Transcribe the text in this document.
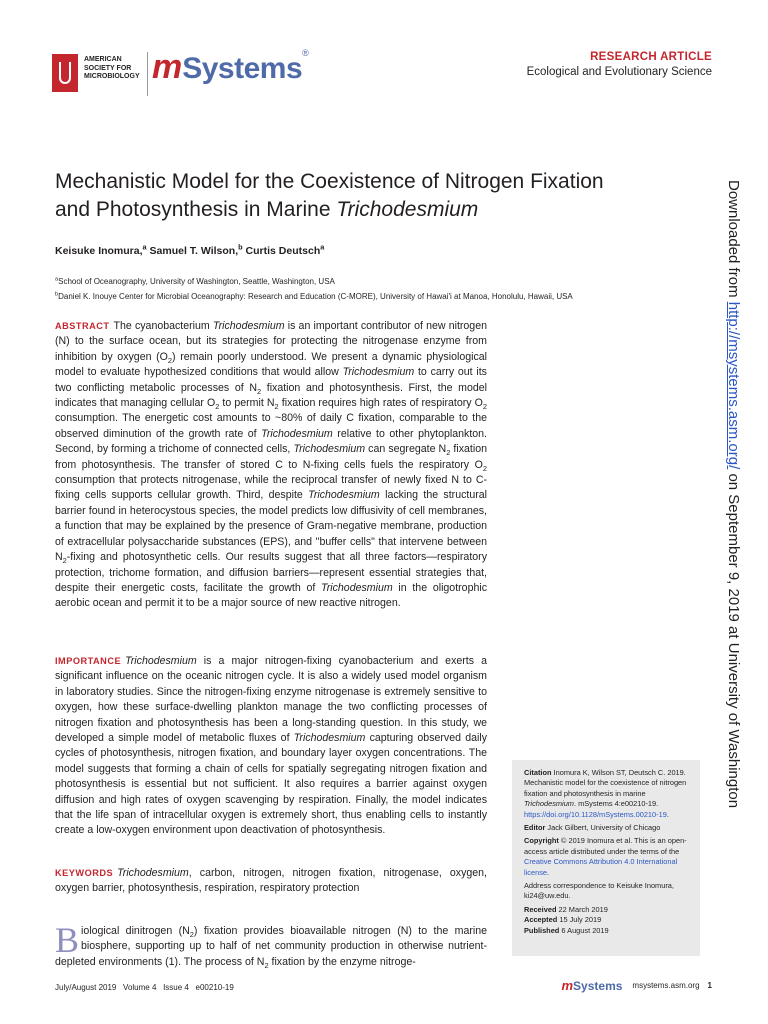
AMERICAN
SOCIETY FOR
MICROBIOLOGY mSystems®	RESEARCH ARTICLE
Ecological and Evolutionary Science
Mechanistic Model for the Coexistence of Nitrogen Fixation
and Photosynthesis in Marine Trichodesmium
Keisuke Inomura,$^a$ Samuel T. Wilson,$^b$ Curtis Deutsch$^a$
$^a$School of Oceanography, University of Washington, Seattle, Washington, USA
$^b$Daniel K. Inouye Center for Microbial Oceanography: Research and Education (C-MORE), University of Hawai'i at Manoa, Honolulu, Hawaii, USA
ABSTRACT The cyanobacterium Trichodesmium is an important contributor of new nitrogen (N) to the surface ocean, but its strategies for protecting the nitrogenase enzyme from inhibition by oxygen $(O_2)$ remain poorly understood. We present a dynamic physiological model to evaluate hypothesized conditions that would allow Trichodesmium to carry out its two conflicting metabolic processes of $N_2$ fixation and photosynthesis. First, the model indicates that managing cellular $O_2$ to permit $N_2$ fixation requires high rates of respiratory $O_2$ consumption. The energetic cost amounts to ~80% of daily C fixation, comparable to the observed diminution of the growth rate of Trichodesmium relative to other phytoplankton. Second, by forming a trichome of connected cells, Trichodesmium can segregate $N_2$ fixation from photosynthesis. The transfer of stored C to N-fixing cells fuels the respiratory $O_2$ consumption that protects nitrogenase, while the reciprocal transfer of newly fixed N to C-fixing cells supports cellular growth. Third, despite Trichodesmium lacking the structural barrier found in heterocystous species, the model predicts low diffusivity of cell membranes, a function that may be explained by the presence of Gram-negative membrane, production of extracellular polysaccharide substances (EPS), and "buffer cells" that intervene between $N_2$-fixing and photosynthetic cells. Our results suggest that all three factors—respiratory protection, trichome formation, and diffusion barriers—represent essential strategies that, despite their energetic costs, facilitate the growth of Trichodesmium in the oligotrophic aerobic ocean and permit it to be a major source of new reactive nitrogen.
IMPORTANCE Trichodesmium is a major nitrogen-fixing cyanobacterium and exerts a significant influence on the oceanic nitrogen cycle. It is also a widely used model organism in laboratory studies. Since the nitrogen-fixing enzyme nitrogenase is extremely sensitive to oxygen, how these surface-dwelling plankton manage the two conflicting processes of nitrogen fixation and photosynthesis has been a long-standing question. In this study, we developed a simple model of metabolic fluxes of Trichodesmium capturing observed daily cycles of photosynthesis, nitrogen fixation, and boundary layer oxygen concentrations. The model suggests that forming a chain of cells for spatially segregating nitrogen fixation and photosynthesis is essential but not sufficient. It also requires a barrier against oxygen diffusion and high rates of oxygen scavenging by respiration. Finally, the model indicates that the life span of intracellular oxygen is extremely short, thus enabling cells to instantly create a low-oxygen environment upon deactivation of photosynthesis.
KEYWORDS Trichodesmium, carbon, nitrogen, nitrogen fixation, nitrogenase, oxygen, oxygen barrier, photosynthesis, respiration, respiratory protection
Biological dinitrogen $(N_2)$ fixation provides bioavailable nitrogen (N) to the marine biosphere, supporting up to half of net community production in otherwise nutrient-depleted environments (1). The process of $N_2$ fixation by the enzyme nitroge-

Citation Inomura K, Wilson ST, Deutsch C. 2019. Mechanistic model for the coexistence of nitrogen fixation and photosynthesis in marine Trichodesmium. mSystems 4:e00210-19. https://doi.org/10.1128/mSystems.00210-19.

Editor Jack Gilbert, University of Chicago

Copyright © 2019 Inomura et al. This is an open-access article distributed under the terms of the Creative Commons Attribution 4.0 International license.

Address correspondence to Keisuke Inomura, ki24@uw.edu.

Received 22 March 2019
Accepted 15 July 2019
Published 6 August 2019
Downloaded from http://msystems.asm.org/ on September 9, 2019 at University of Washington
July/August 2019   Volume 4   Issue 4   e00210-19	m Systems msystems.asm.org 1
